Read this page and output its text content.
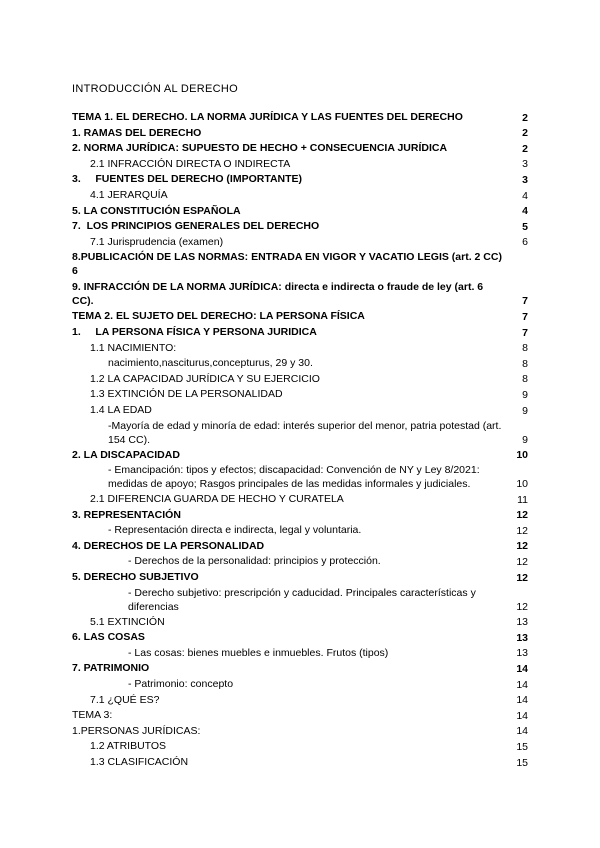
INTRODUCCIÓN AL DERECHO
TEMA 1. EL DERECHO. LA NORMA JURÍDICA Y LAS FUENTES DEL DERECHO	2
1. RAMAS DEL DERECHO	2
2. NORMA JURÍDICA: SUPUESTO DE HECHO + CONSECUENCIA JURÍDICA	2
2.1 INFRACCIÓN DIRECTA O INDIRECTA	3
3.     FUENTES DEL DERECHO (IMPORTANTE)	3
4.1 JERARQUÍA	4
5. LA CONSTITUCIÓN ESPAÑOLA	4
7.  LOS PRINCIPIOS GENERALES DEL DERECHO	5
7.1 Jurisprudencia (examen)	6
8.PUBLICACIÓN DE LAS NORMAS: ENTRADA EN VIGOR Y VACATIO LEGIS (art. 2 CC)
6
9. INFRACCIÓN DE LA NORMA JURÍDICA: directa e indirecta o fraude de ley (art. 6 CC).	7
TEMA 2. EL SUJETO DEL DERECHO: LA PERSONA FÍSICA	7
1.     LA PERSONA FÍSICA Y PERSONA JURIDICA	7
1.1 NACIMIENTO:	8
nacimiento,nasciturus,concepturus, 29 y 30.	8
1.2 LA CAPACIDAD JURÍDICA Y SU EJERCICIO	8
1.3 EXTINCIÓN DE LA PERSONALIDAD	9
1.4 LA EDAD	9
-Mayoría de edad y minoría de edad: interés superior del menor, patria potestad (art. 154 CC).	9
2. LA DISCAPACIDAD	10
- Emancipación: tipos y efectos; discapacidad: Convención de NY y Ley 8/2021: medidas de apoyo; Rasgos principales de las medidas informales y judiciales.	10
2.1 DIFERENCIA GUARDA DE HECHO Y CURATELA	11
3. REPRESENTACIÓN	12
- Representación directa e indirecta, legal y voluntaria.	12
4. DERECHOS DE LA PERSONALIDAD	12
- Derechos de la personalidad: principios y protección.	12
5. DERECHO SUBJETIVO	12
- Derecho subjetivo: prescripción y caducidad. Principales características y diferencias	12
5.1 EXTINCIÓN	13
6. LAS COSAS	13
- Las cosas: bienes muebles e inmuebles. Frutos (tipos)	13
7. PATRIMONIO	14
- Patrimonio: concepto	14
7.1 ¿QUÉ ES?	14
TEMA 3:	14
1.PERSONAS JURÍDICAS:	14
1.2 ATRIBUTOS	15
1.3 CLASIFICACIÓN	15
